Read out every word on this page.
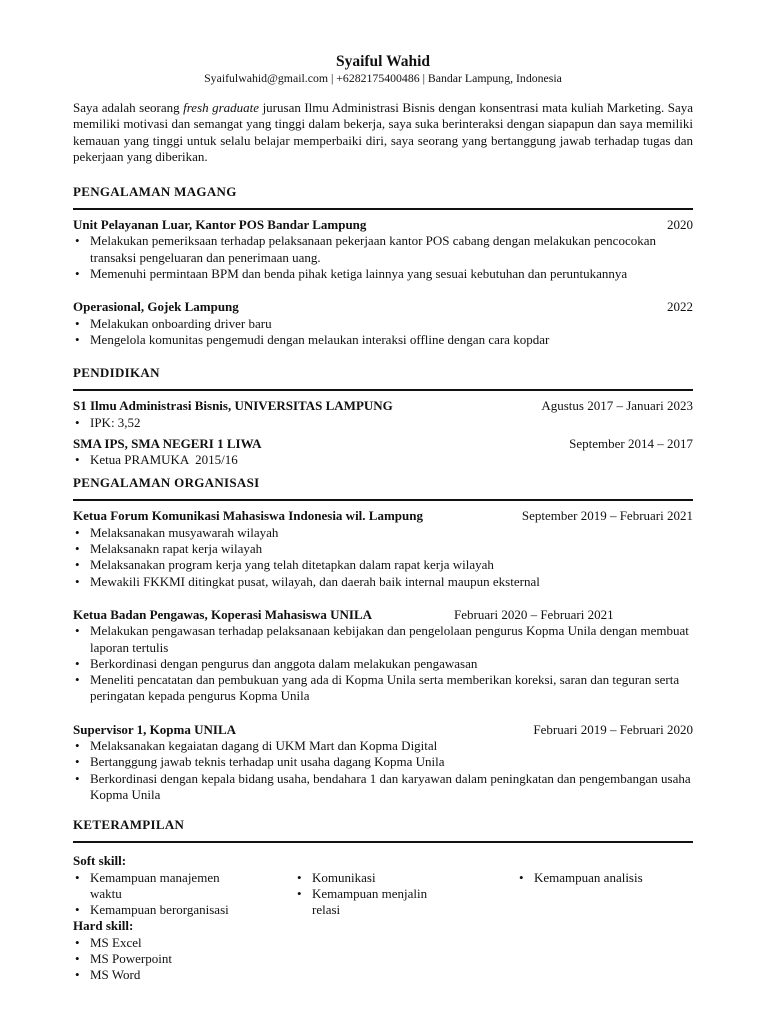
Syaiful Wahid
Syaifulwahid@gmail.com | +6282175400486 | Bandar Lampung, Indonesia
Saya adalah seorang fresh graduate jurusan Ilmu Administrasi Bisnis dengan konsentrasi mata kuliah Marketing. Saya memiliki motivasi dan semangat yang tinggi dalam bekerja, saya suka berinteraksi dengan siapapun dan saya memiliki kemauan yang tinggi untuk selalu belajar memperbaiki diri, saya seorang yang bertanggung jawab terhadap tugas dan pekerjaan yang diberikan.
PENGALAMAN MAGANG
Unit Pelayanan Luar, Kantor POS Bandar Lampung	2020
• Melakukan pemeriksaan terhadap pelaksanaan pekerjaan kantor POS cabang dengan melakukan pencocokan transaksi pengeluaran dan penerimaan uang.
• Memenuhi permintaan BPM dan benda pihak ketiga lainnya yang sesuai kebutuhan dan peruntukannya
Operasional, Gojek Lampung	2022
• Melakukan onboarding driver baru
• Mengelola komunitas pengemudi dengan melaukan interaksi offline dengan cara kopdar
PENDIDIKAN
S1 Ilmu Administrasi Bisnis, UNIVERSITAS LAMPUNG	Agustus 2017 – Januari 2023
• IPK: 3,52
SMA IPS, SMA NEGERI 1 LIWA	September 2014 – 2017
• Ketua PRAMUKA  2015/16
PENGALAMAN ORGANISASI
Ketua Forum Komunikasi Mahasiswa Indonesia wil. Lampung	September 2019 – Februari 2021
• Melaksanakan musyawarah wilayah
• Melaksanakn rapat kerja wilayah
• Melaksanakan program kerja yang telah ditetapkan dalam rapat kerja wilayah
• Mewakili FKKMI ditingkat pusat, wilayah, dan daerah baik internal maupun eksternal
Ketua Badan Pengawas, Koperasi Mahasiswa UNILA	Februari 2020 – Februari 2021
• Melakukan pengawasan terhadap pelaksanaan kebijakan dan pengelolaan pengurus Kopma Unila dengan membuat laporan tertulis
• Berkordinasi dengan pengurus dan anggota dalam melakukan pengawasan
• Meneliti pencatatan dan pembukuan yang ada di Kopma Unila serta memberikan koreksi, saran dan teguran serta peringatan kepada pengurus Kopma Unila
Supervisor 1, Kopma UNILA	Februari 2019 – Februari 2020
• Melaksanakan kegaiatan dagang di UKM Mart dan Kopma Digital
• Bertanggung jawab teknis terhadap unit usaha dagang Kopma Unila
• Berkordinasi dengan kepala bidang usaha, bendahara 1 dan karyawan dalam peningkatan dan pengembangan usaha Kopma Unila
KETERAMPILAN
Soft skill:
• Kemampuan manajemen waktu
• Kemampuan berorganisasi
• Komunikasi
• Kemampuan menjalin relasi
• Kemampuan analisis
Hard skill:
• MS Excel
• MS Powerpoint
• MS Word
